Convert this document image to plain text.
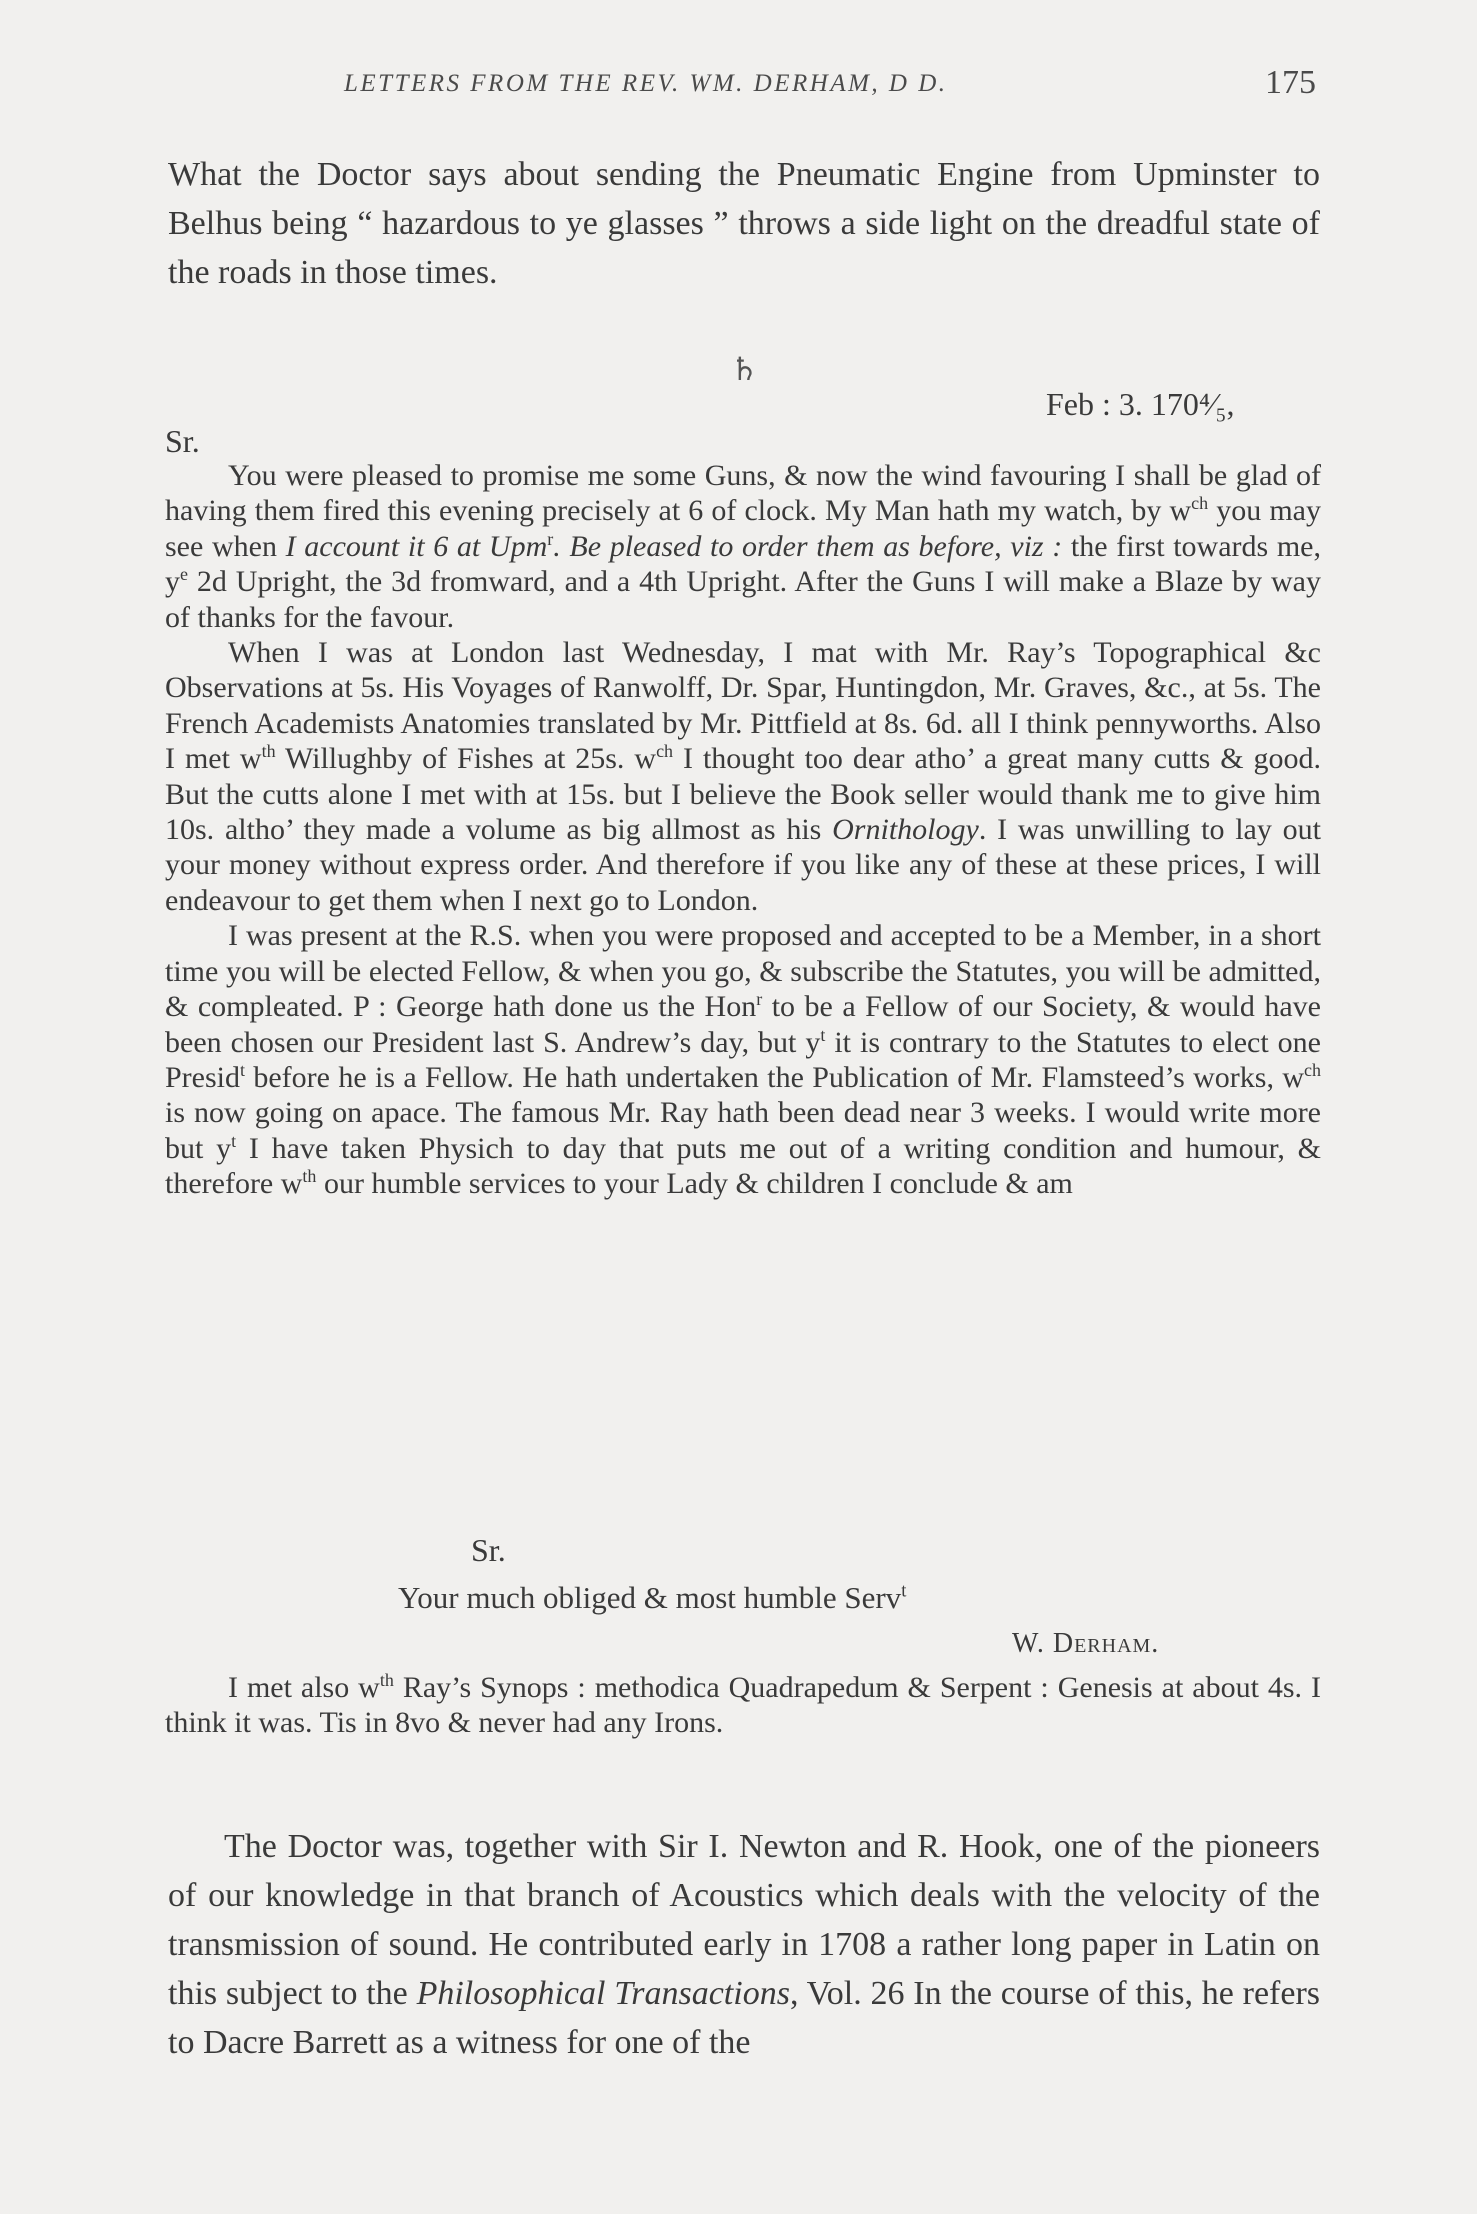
LETTERS FROM THE REV. WM. DERHAM, D D.	175

What the Doctor says about sending the Pneumatic Engine from Upminster to Belhus being “ hazardous to ye glasses ” throws a side light on the dreadful state of the roads in those times.

♄
Feb : 3. 170⁴⁄₅,
Sr.

You were pleased to promise me some Guns, & now the wind favouring I shall be glad of having them fired this evening precisely at 6 of clock. My Man hath my watch, by $w^{ch}$ you may see when I account it 6 at Upm$^r$. Be pleased to order them as before, viz : the first towards me, $y^e$ 2d Upright, the 3d fromward, and a 4th Upright. After the Guns I will make a Blaze by way of thanks for the favour.

When I was at London last Wednesday, I mat with Mr. Ray’s Topographical &c Observations at 5s. His Voyages of Ranwolff, Dr. Spar, Huntingdon, Mr. Graves, &c., at 5s. The French Academists Anatomies translated by Mr. Pittfield at 8s. 6d. all I think pennyworths. Also I met $w^{th}$ Willughby of Fishes at 25s. $w^{ch}$ I thought too dear atho’ a great many cutts & good. But the cutts alone I met with at 15s. but I believe the Book seller would thank me to give him 10s. altho’ they made a volume as big allmost as his Ornithology. I was unwilling to lay out your money without express order. And therefore if you like any of these at these prices, I will endeavour to get them when I next go to London.

I was present at the R.S. when you were proposed and accepted to be a Member, in a short time you will be elected Fellow, & when you go, & subscribe the Statutes, you will be admitted, & compleated. P : George hath done us the Hon$^r$ to be a Fellow of our Society, & would have been chosen our President last S. Andrew’s day, but $y^t$ it is contrary to the Statutes to elect one Presid$^t$ before he is a Fellow. He hath undertaken the Publication of Mr. Flamsteed’s works, $w^{ch}$ is now going on apace. The famous Mr. Ray hath been dead near 3 weeks. I would write more but $y^t$ I have taken Physich to day that puts me out of a writing condition and humour, & therefore $w^{th}$ our humble services to your Lady & children I conclude & am

Sr.
Your much obliged & most humble Serv$^t$
W. Derham.

I met also $w^{th}$ Ray’s Synops : methodica Quadrapedum & Serpent : Genesis at about 4s. I think it was. Tis in 8vo & never had any Irons.

The Doctor was, together with Sir I. Newton and R. Hook, one of the pioneers of our knowledge in that branch of Acoustics which deals with the velocity of the transmission of sound. He contributed early in 1708 a rather long paper in Latin on this subject to the Philosophical Transactions, Vol. 26 In the course of this, he refers to Dacre Barrett as a witness for one of the
